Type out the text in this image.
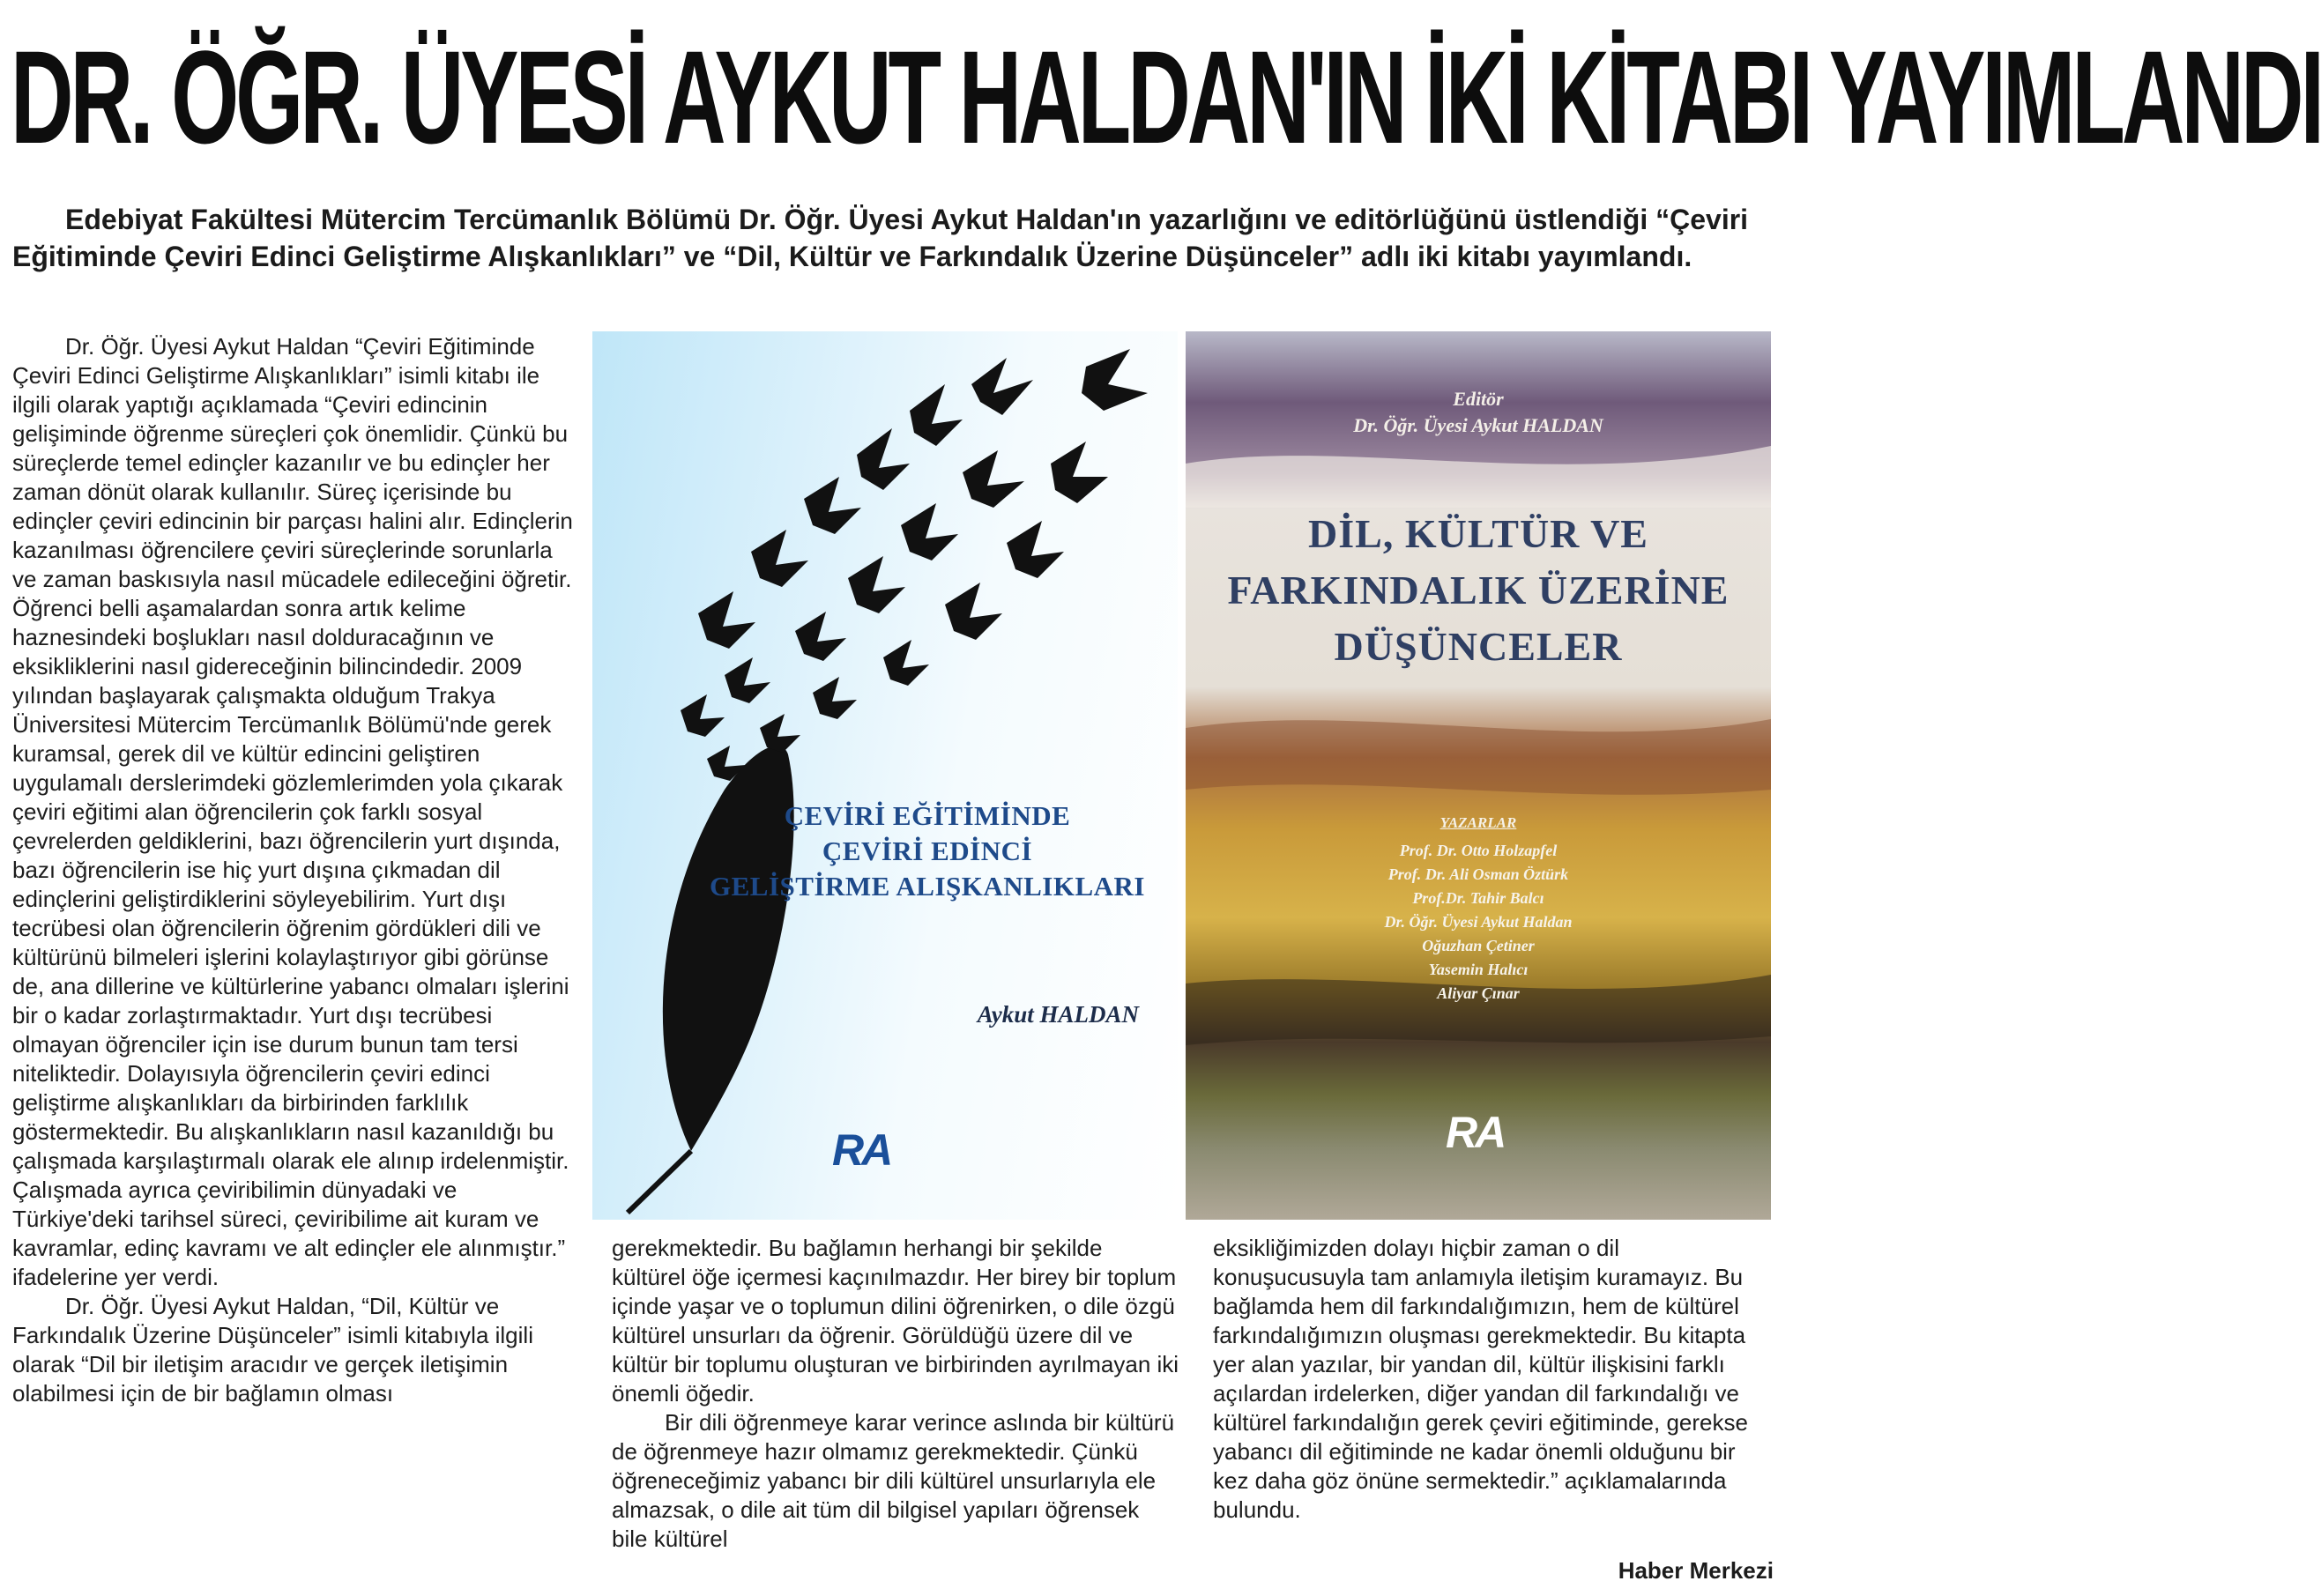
DR. ÖĞR. ÜYESİ AYKUT HALDAN'IN İKİ KİTABI YAYIMLANDI

Edebiyat Fakültesi Mütercim Tercümanlık Bölümü Dr. Öğr. Üyesi Aykut Haldan'ın yazarlığını ve editörlüğünü üstlendiği “Çeviri Eğitiminde Çeviri Edinci Geliştirme Alışkanlıkları” ve “Dil, Kültür ve Farkındalık Üzerine Düşünceler” adlı iki kitabı yayımlandı.

Dr. Öğr. Üyesi Aykut Haldan “Çeviri Eğitiminde Çeviri Edinci Geliştirme Alışkanlıkları” isimli kitabı ile ilgili olarak yaptığı açıklamada “Çeviri edincinin gelişiminde öğrenme süreçleri çok önemlidir. Çünkü bu süreçlerde temel edinçler kazanılır ve bu edinçler her zaman dönüt olarak kullanılır. Süreç içerisinde bu edinçler çeviri edincinin bir parçası halini alır. Edinçlerin kazanılması öğrencilere çeviri süreçlerinde sorunlarla ve zaman baskısıyla nasıl mücadele edileceğini öğretir. Öğrenci belli aşamalardan sonra artık kelime haznesindeki boşlukları nasıl dolduracağının ve eksikliklerini nasıl gidereceğinin bilincindedir. 2009 yılından başlayarak çalışmakta olduğum Trakya Üniversitesi Mütercim Tercümanlık Bölümü'nde gerek kuramsal, gerek dil ve kültür edincini geliştiren uygulamalı derslerimdeki gözlemlerimden yola çıkarak çeviri eğitimi alan öğrencilerin çok farklı sosyal çevrelerden geldiklerini, bazı öğrencilerin yurt dışında, bazı öğrencilerin ise hiç yurt dışına çıkmadan dil edinçlerini geliştirdiklerini söyleyebilirim. Yurt dışı tecrübesi olan öğrencilerin öğrenim gördükleri dili ve kültürünü bilmeleri işlerini kolaylaştırıyor gibi görünse de, ana dillerine ve kültürlerine yabancı olmaları işlerini bir o kadar zorlaştırmaktadır. Yurt dışı tecrübesi olmayan öğrenciler için ise durum bunun tam tersi niteliktedir. Dolayısıyla öğrencilerin çeviri edinci geliştirme alışkanlıkları da birbirinden farklılık göstermektedir. Bu alışkanlıkların nasıl kazanıldığı bu çalışmada karşılaştırmalı olarak ele alınıp irdelenmiştir. Çalışmada ayrıca çeviribilimin dünyadaki ve Türkiye'deki tarihsel süreci, çeviribilime ait kuram ve kavramlar, edinç kavramı ve alt edinçler ele alınmıştır.” ifadelerine yer verdi.

Dr. Öğr. Üyesi Aykut Haldan, “Dil, Kültür ve Farkındalık Üzerine Düşünceler” isimli kitabıyla ilgili olarak “Dil bir iletişim aracıdır ve gerçek iletişimin olabilmesi için de bir bağlamın olması

ÇEVİRİ EĞİTİMİNDE
ÇEVİRİ EDİNCİ
GELİŞTİRME ALIŞKANLIKLARI
Aykut HALDAN
RA
Editör
Dr. Öğr. Üyesi Aykut HALDAN
DİL, KÜLTÜR VE
FARKINDALIK ÜZERİNE
DÜŞÜNCELER
YAZARLAR
Prof. Dr. Otto Holzapfel
Prof. Dr. Ali Osman Öztürk
Prof.Dr. Tahir Balcı
Dr. Öğr. Üyesi Aykut Haldan
Oğuzhan Çetiner
Yasemin Halıcı
Aliyar Çınar
RA

gerekmektedir. Bu bağlamın herhangi bir şekilde kültürel öğe içermesi kaçınılmazdır. Her birey bir toplum içinde yaşar ve o toplumun dilini öğrenirken, o dile özgü kültürel unsurları da öğrenir. Görüldüğü üzere dil ve kültür bir toplumu oluşturan ve birbirinden ayrılmayan iki önemli öğedir.

Bir dili öğrenmeye karar verince aslında bir kültürü de öğrenmeye hazır olmamız gerekmektedir. Çünkü öğreneceğimiz yabancı bir dili kültürel unsurlarıyla ele almazsak, o dile ait tüm dil bilgisel yapıları öğrensek bile kültürel

eksikliğimizden dolayı hiçbir zaman o dil konuşucusuyla tam anlamıyla iletişim kuramayız. Bu bağlamda hem dil farkındalığımızın, hem de kültürel farkındalığımızın oluşması gerekmektedir. Bu kitapta yer alan yazılar, bir yandan dil, kültür ilişkisini farklı açılardan irdelerken, diğer yandan dil farkındalığı ve kültürel farkındalığın gerek çeviri eğitiminde, gerekse yabancı dil eğitiminde ne kadar önemli olduğunu bir kez daha göz önüne sermektedir.” açıklamalarında bulundu.

Haber Merkezi
